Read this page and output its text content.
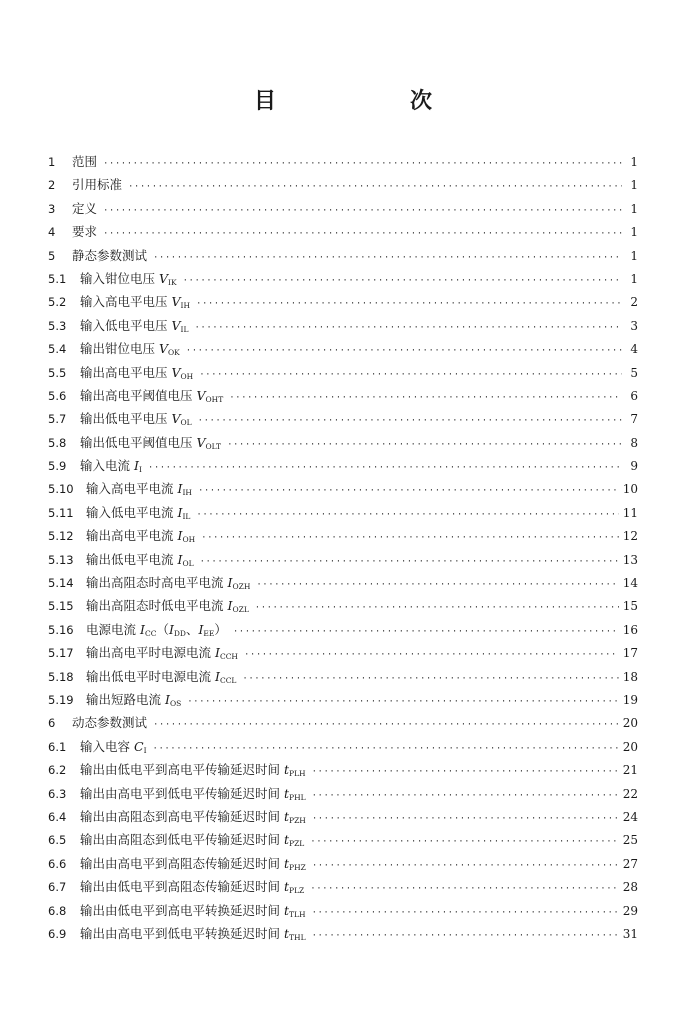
目　次
1	范围 ·····	1
2	引用标准 ·····	1
3	定义 ·····	1
4	要求 ·····	1
5	静态参数测试 ·····	1
5.1	输入钳位电压 $V_{IK}$ ·····	1
5.2	输入高电平电压 $V_{IH}$ ·····	2
5.3	输入低电平电压 $V_{IL}$ ·····	3
5.4	输出钳位电压 $V_{OK}$ ·····	4
5.5	输出高电平电压 $V_{OH}$ ·····	5
5.6	输出高电平阈值电压 $V_{OHT}$ ·····	6
5.7	输出低电平电压 $V_{OL}$ ·····	7
5.8	输出低电平阈值电压 $V_{OLT}$ ·····	8
5.9	输入电流 $I_I$ ·····	9
5.10 输入高电平电流 $I_{IH}$ ·····	10
5.11 输入低电平电流 $I_{IL}$ ·····	11
5.12 输出高电平电流 $I_{OH}$ ·····	12
5.13 输出低电平电流 $I_{OL}$ ·····	13
5.14 输出高阻态时高电平电流 $I_{OZH}$ ·····	14
5.15 输出高阻态时低电平电流 $I_{OZL}$ ·····	15
5.16 电源电流 $I_{CC}(I_{DD}$、$I_{EE}$） ·····	16
5.17 输出高电平时电源电流 $I_{CCH}$ ·····	17
5.18 输出低电平时电源电流 $I_{CCL}$ ·····	18
5.19 输出短路电流 $I_{OS}$ ·····	19
6	动态参数测试 ·····	20
6.1	输入电容 $C_I$ ·····	20
6.2	输出由低电平到高电平传输延迟时间 $t_{PLH}$ ·····	21
6.3	输出由高电平到低电平传输延迟时间 $t_{PHL}$ ·····	22
6.4	输出由高阻态到高电平传输延迟时间 $t_{PZH}$ ·····	24
6.5	输出由高阻态到低电平传输延迟时间 $t_{PZL}$ ·····	25
6.6	输出由高电平到高阻态传输延迟时间 $t_{PHZ}$ ·····	27
6.7	输出由低电平到高阻态传输延迟时间 $t_{PLZ}$ ·····	28
6.8	输出由低电平到高电平转换延迟时间 $t_{TLH}$ ·····	29
6.9	输出由高电平到低电平转换延迟时间 $t_{THL}$ ·····	31
